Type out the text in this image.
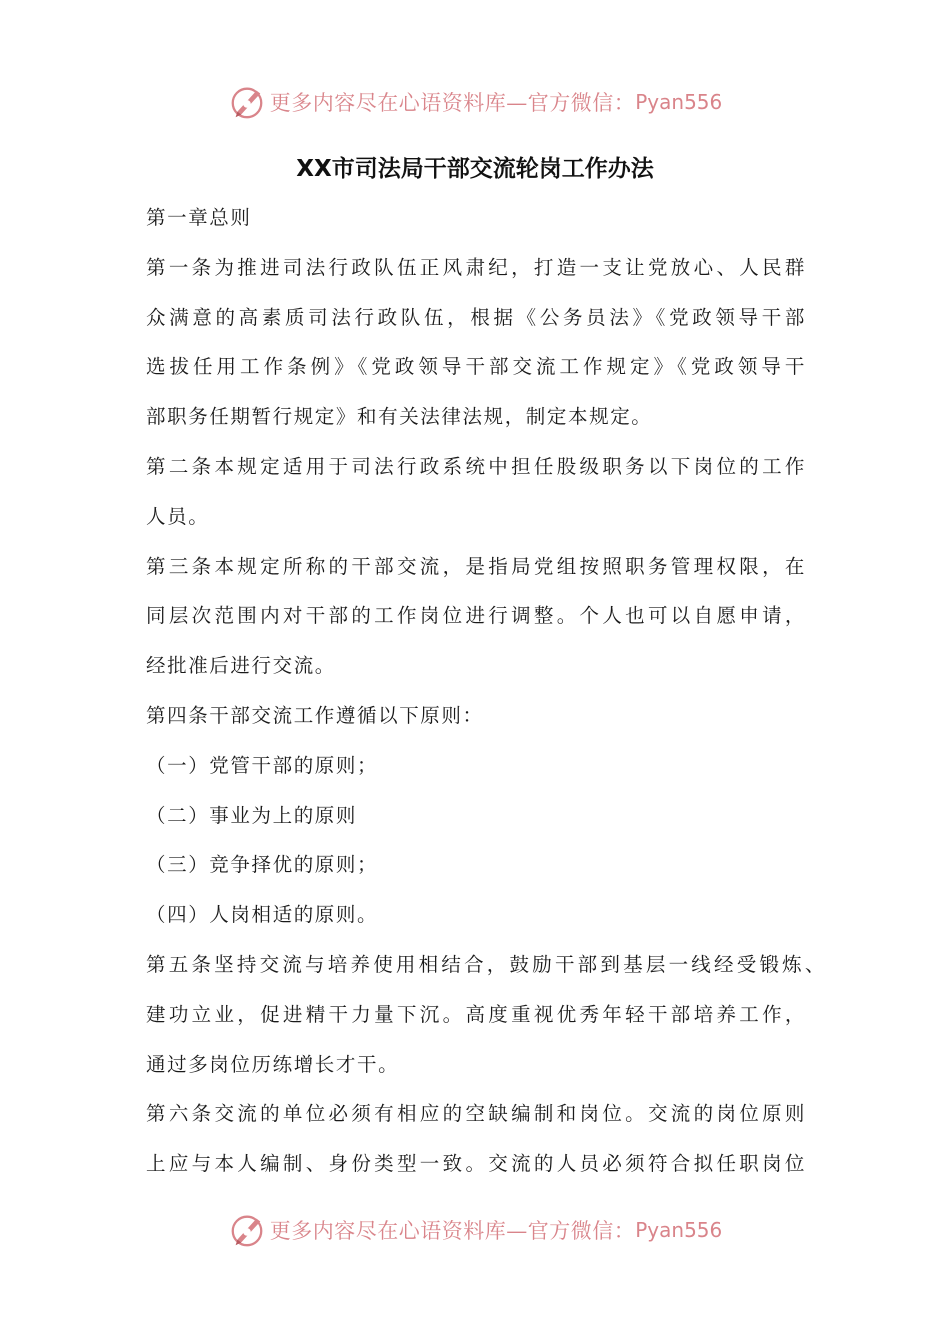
更多内容尽在心语资料库—官方微信： Pyan556
XX市司法局干部交流轮岗工作办法
第一章总则
第一条为推进司法行政队伍正风肃纪，打造一支让党放心、人民群
众满意的高素质司法行政队伍，根据《公务员法》《党政领导干部
选拔任用工作条例》《党政领导干部交流工作规定》《党政领导干
部职务任期暂行规定》和有关法律法规，制定本规定。
第二条本规定适用于司法行政系统中担任股级职务以下岗位的工作
人员。
第三条本规定所称的干部交流，是指局党组按照职务管理权限，在
同层次范围内对干部的工作岗位进行调整。个人也可以自愿申请，
经批准后进行交流。
第四条干部交流工作遵循以下原则：
（一）党管干部的原则；
（二）事业为上的原则
（三）竞争择优的原则；
（四）人岗相适的原则。
第五条坚持交流与培养使用相结合，鼓励干部到基层一线经受锻炼、
建功立业，促进精干力量下沉。高度重视优秀年轻干部培养工作，
通过多岗位历练增长才干。
第六条交流的单位必须有相应的空缺编制和岗位。交流的岗位原则
上应与本人编制、身份类型一致。交流的人员必须符合拟任职岗位
更多内容尽在心语资料库—官方微信： Pyan556
